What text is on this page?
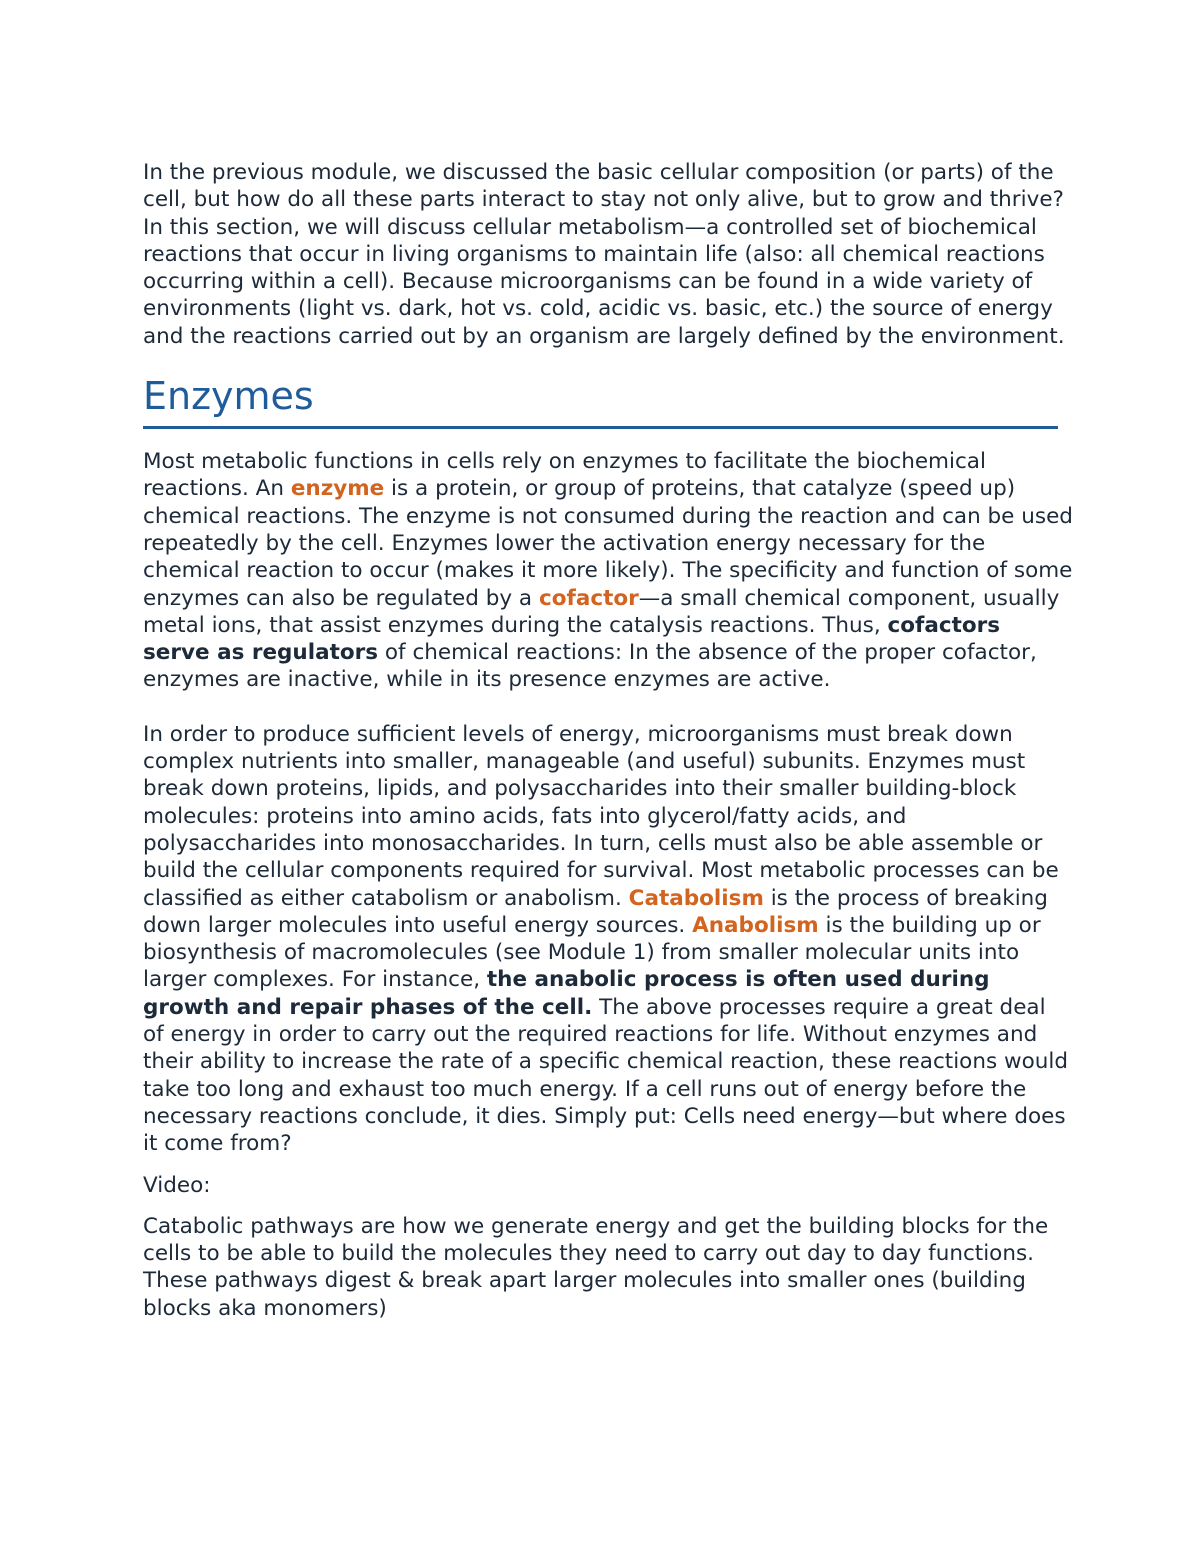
In the previous module, we discussed the basic cellular composition (or parts) of the cell, but how do all these parts interact to stay not only alive, but to grow and thrive? In this section, we will discuss cellular metabolism—a controlled set of biochemical reactions that occur in living organisms to maintain life (also: all chemical reactions occurring within a cell). Because microorganisms can be found in a wide variety of environments (light vs. dark, hot vs. cold, acidic vs. basic, etc.) the source of energy and the reactions carried out by an organism are largely defined by the environment.

Enzymes

Most metabolic functions in cells rely on enzymes to facilitate the biochemical reactions. An enzyme is a protein, or group of proteins, that catalyze (speed up) chemical reactions. The enzyme is not consumed during the reaction and can be used repeatedly by the cell. Enzymes lower the activation energy necessary for the chemical reaction to occur (makes it more likely). The specificity and function of some enzymes can also be regulated by a cofactor—a small chemical component, usually metal ions, that assist enzymes during the catalysis reactions. Thus, cofactors serve as regulators of chemical reactions: In the absence of the proper cofactor, enzymes are inactive, while in its presence enzymes are active.

In order to produce sufficient levels of energy, microorganisms must break down complex nutrients into smaller, manageable (and useful) subunits. Enzymes must break down proteins, lipids, and polysaccharides into their smaller building-block molecules: proteins into amino acids, fats into glycerol/fatty acids, and polysaccharides into monosaccharides. In turn, cells must also be able assemble or build the cellular components required for survival. Most metabolic processes can be classified as either catabolism or anabolism. Catabolism is the process of breaking down larger molecules into useful energy sources. Anabolism is the building up or biosynthesis of macromolecules (see Module 1) from smaller molecular units into larger complexes. For instance, the anabolic process is often used during growth and repair phases of the cell. The above processes require a great deal of energy in order to carry out the required reactions for life. Without enzymes and their ability to increase the rate of a specific chemical reaction, these reactions would take too long and exhaust too much energy. If a cell runs out of energy before the necessary reactions conclude, it dies. Simply put: Cells need energy—but where does it come from?

Video:

Catabolic pathways are how we generate energy and get the building blocks for the cells to be able to build the molecules they need to carry out day to day functions. These pathways digest & break apart larger molecules into smaller ones (building blocks aka monomers)
